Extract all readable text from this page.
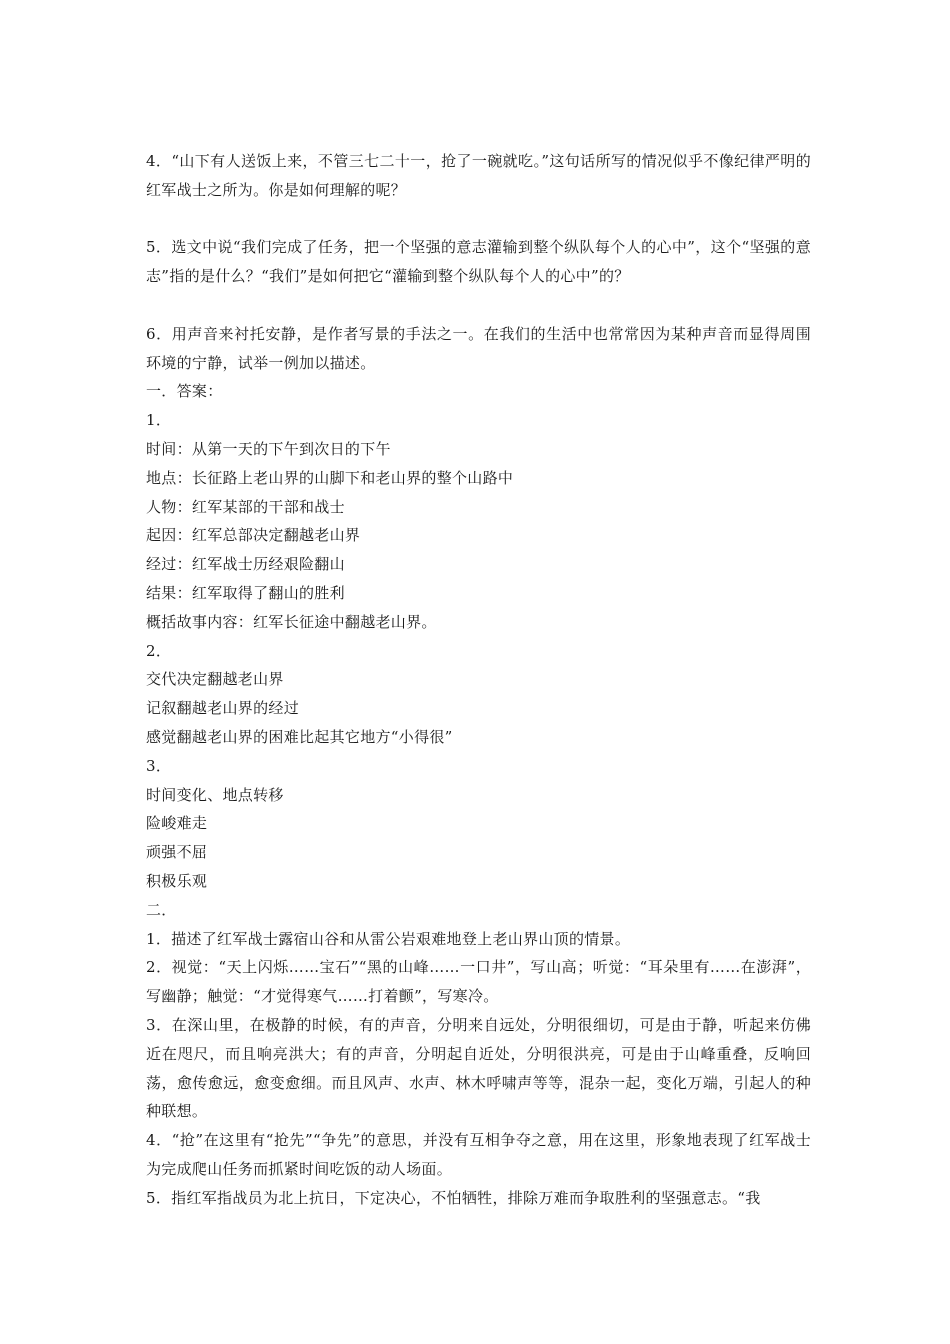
4．“山下有人送饭上来，不管三七二十一，抢了一碗就吃。”这句话所写的情况似乎不像纪律严明的红军战士之所为。你是如何理解的呢？

5．选文中说“我们完成了任务，把一个坚强的意志灌输到整个纵队每个人的心中”，这个“坚强的意志”指的是什么？“我们”是如何把它“灌输到整个纵队每个人的心中”的？

6．用声音来衬托安静，是作者写景的手法之一。在我们的生活中也常常因为某种声音而显得周围环境的宁静，试举一例加以描述。

一．答案：

1．

时间：从第一天的下午到次日的下午

地点：长征路上老山界的山脚下和老山界的整个山路中

人物：红军某部的干部和战士

起因：红军总部决定翻越老山界

经过：红军战士历经艰险翻山

结果：红军取得了翻山的胜利

概括故事内容：红军长征途中翻越老山界。

2．

交代决定翻越老山界

记叙翻越老山界的经过

感觉翻越老山界的困难比起其它地方“小得很”

3．

时间变化、地点转移

险峻难走

顽强不屈

积极乐观

二．

1．描述了红军战士露宿山谷和从雷公岩艰难地登上老山界山顶的情景。

2．视觉：“天上闪烁……宝石”“黑的山峰……一口井”，写山高；听觉：“耳朵里有……在澎湃”，写幽静；触觉：“才觉得寒气……打着颤”，写寒冷。

3．在深山里，在极静的时候，有的声音，分明来自远处，分明很细切，可是由于静，听起来仿佛近在咫尺，而且响亮洪大；有的声音，分明起自近处，分明很洪亮，可是由于山峰重叠，反响回荡，愈传愈远，愈变愈细。而且风声、水声、林木呼啸声等等，混杂一起，变化万端，引起人的种种联想。

4．“抢”在这里有“抢先”“争先”的意思，并没有互相争夺之意，用在这里，形象地表现了红军战士为完成爬山任务而抓紧时间吃饭的动人场面。

5．指红军指战员为北上抗日，下定决心，不怕牺牲，排除万难而争取胜利的坚强意志。“我
